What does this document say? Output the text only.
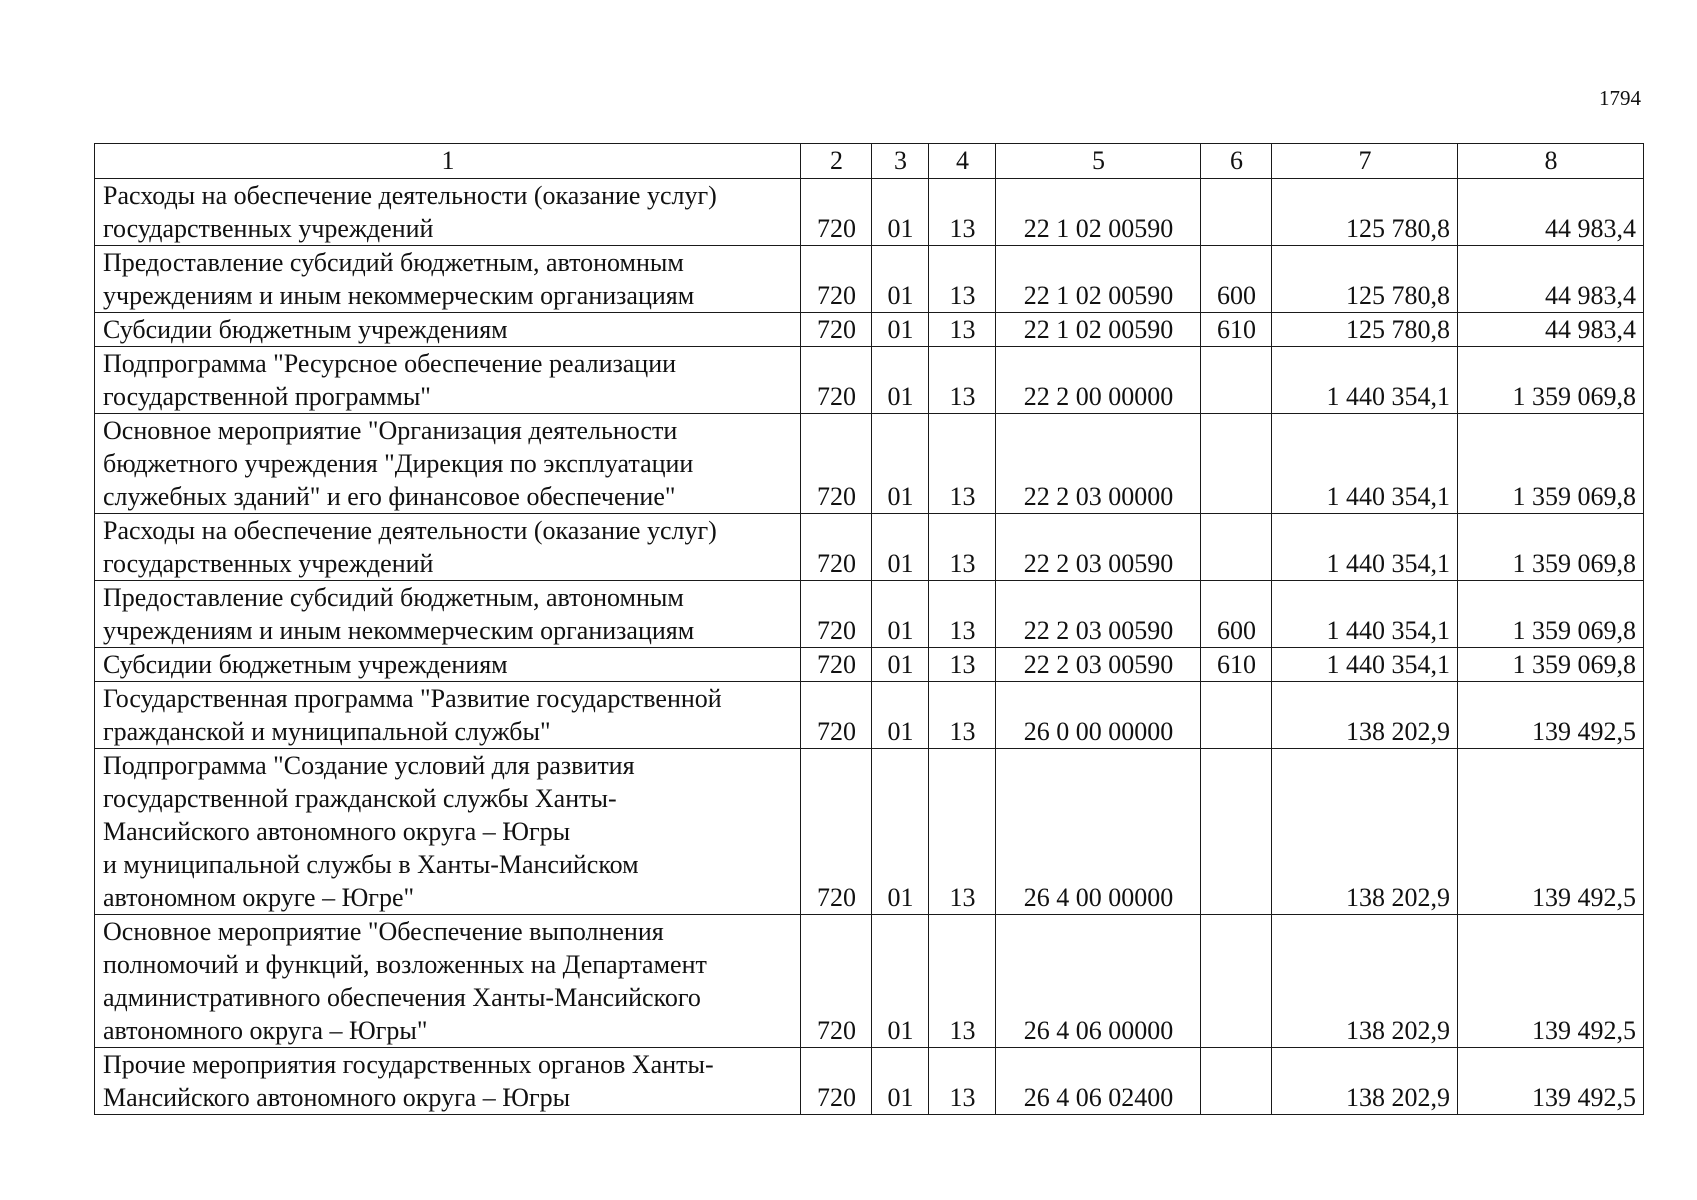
1794
1	2	3	4	5	6	7	8

Расходы на обеспечение деятельности (оказание услуг)
государственных учреждений	720	01	13	22 1 02 00590		125 780,8	44 983,4

Предоставление субсидий бюджетным, автономным
учреждениям и иным некоммерческим организациям	720	01	13	22 1 02 00590	600	125 780,8	44 983,4

Субсидии бюджетным учреждениям	720	01	13	22 1 02 00590	610	125 780,8	44 983,4

Подпрограмма "Ресурсное обеспечение реализации
государственной программы"	720	01	13	22 2 00 00000		1 440 354,1	1 359 069,8

Основное мероприятие "Организация деятельности
бюджетного учреждения "Дирекция по эксплуатации
служебных зданий" и его финансовое обеспечение"	720	01	13	22 2 03 00000		1 440 354,1	1 359 069,8

Расходы на обеспечение деятельности (оказание услуг)
государственных учреждений	720	01	13	22 2 03 00590		1 440 354,1	1 359 069,8

Предоставление субсидий бюджетным, автономным
учреждениям и иным некоммерческим организациям	720	01	13	22 2 03 00590	600	1 440 354,1	1 359 069,8

Субсидии бюджетным учреждениям	720	01	13	22 2 03 00590	610	1 440 354,1	1 359 069,8

Государственная программа "Развитие государственной
гражданской и муниципальной службы"	720	01	13	26 0 00 00000		138 202,9	139 492,5

Подпрограмма "Создание условий для развития
государственной гражданской службы Ханты-
Мансийского автономного округа – Югры
и муниципальной службы в Ханты-Мансийском
автономном округе – Югре"	720	01	13	26 4 00 00000		138 202,9	139 492,5

Основное мероприятие "Обеспечение выполнения
полномочий и функций, возложенных на Департамент
административного обеспечения Ханты-Мансийского
автономного округа – Югры"	720	01	13	26 4 06 00000		138 202,9	139 492,5

Прочие мероприятия государственных органов Ханты-
Мансийского автономного округа – Югры	720	01	13	26 4 06 02400		138 202,9	139 492,5
